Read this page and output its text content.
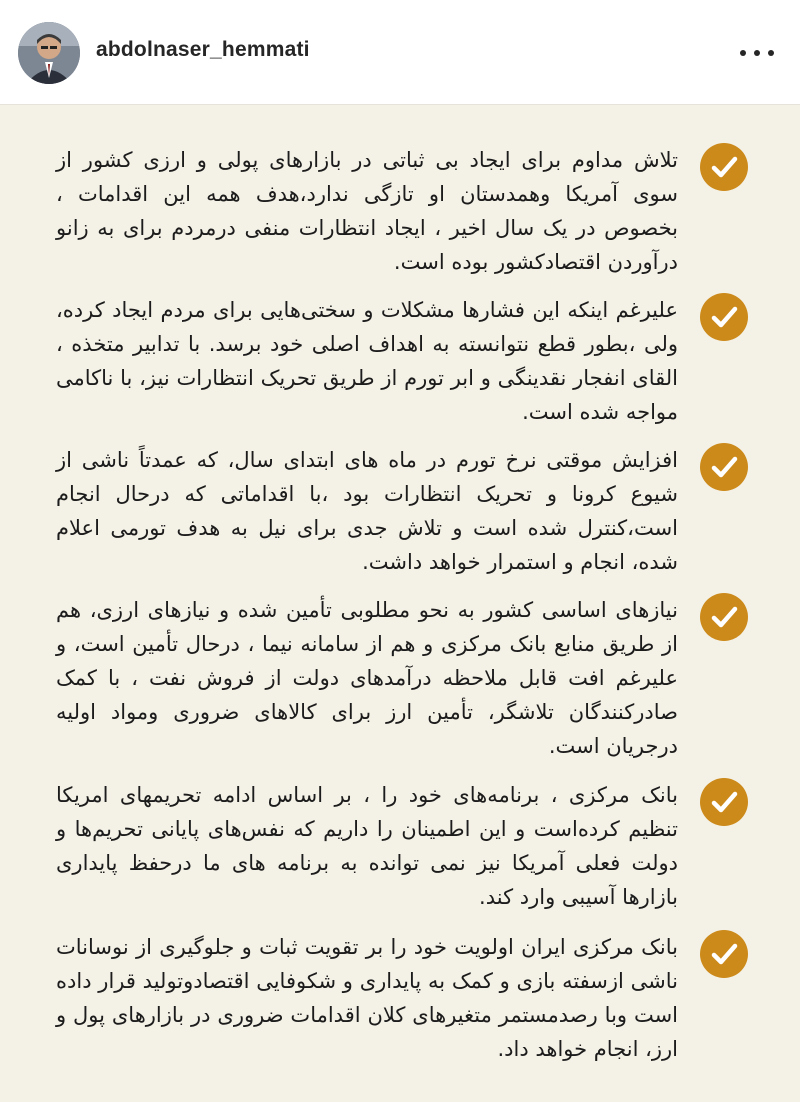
abdolnaser_hemmati

تلاش مداوم برای ایجاد بی ثباتی در بازارهای پولی و ارزی کشور از سوی آمریکا وهمدستان او تازگی ندارد،هدف همه این اقدامات ، بخصوص در یک سال اخیر ، ایجاد انتظارات منفی درمردم برای به زانو درآوردن اقتصادکشور بوده است.

علیرغم اینکه این فشارها مشکلات و سختی‌هایی برای مردم ایجاد کرده، ولی ،بطور قطع نتوانسته به اهداف اصلی خود برسد. با تدابیر متخذه ، القای انفجار نقدینگی و ابر تورم از طریق تحریک انتظارات نیز، با ناکامی مواجه شده است.

افزایش موقتی نرخ تورم در ماه های ابتدای سال، که عمدتاً ناشی از شیوع کرونا و تحریک انتظارات بود ،با اقداماتی که درحال انجام است،کنترل شده است و تلاش جدی برای نیل به هدف تورمی اعلام شده، انجام و استمرار خواهد داشت.

نیازهای اساسی کشور به نحو مطلوبی تأمین شده و نیازهای ارزی، هم از طریق منابع بانک مرکزی و هم از سامانه نیما ، درحال تأمین است، و علیرغم افت قابل ملاحظه درآمدهای دولت از فروش نفت ، با کمک صادرکنندگان تلاشگر، تأمین ارز برای کالاهای ضروری ومواد اولیه درجریان است.

بانک مرکزی ، برنامه‌های خود را ، بر اساس ادامه تحریمهای امریکا تنظیم کرده‌است و این اطمینان را داریم که نفس‌های پایانی تحریم‌ها و دولت فعلی آمریکا نیز نمی توانده به برنامه های ما درحفظ پایداری بازارها آسیبی وارد کند.

بانک مرکزی ایران اولویت خود را بر تقویت ثبات و جلوگیری از نوسانات ناشی ازسفته بازی و کمک به پایداری و شکوفایی اقتصادوتولید قرار داده است وبا رصدمستمر متغیرهای کلان اقدامات ضروری در بازارهای پول و ارز، انجام خواهد داد.
